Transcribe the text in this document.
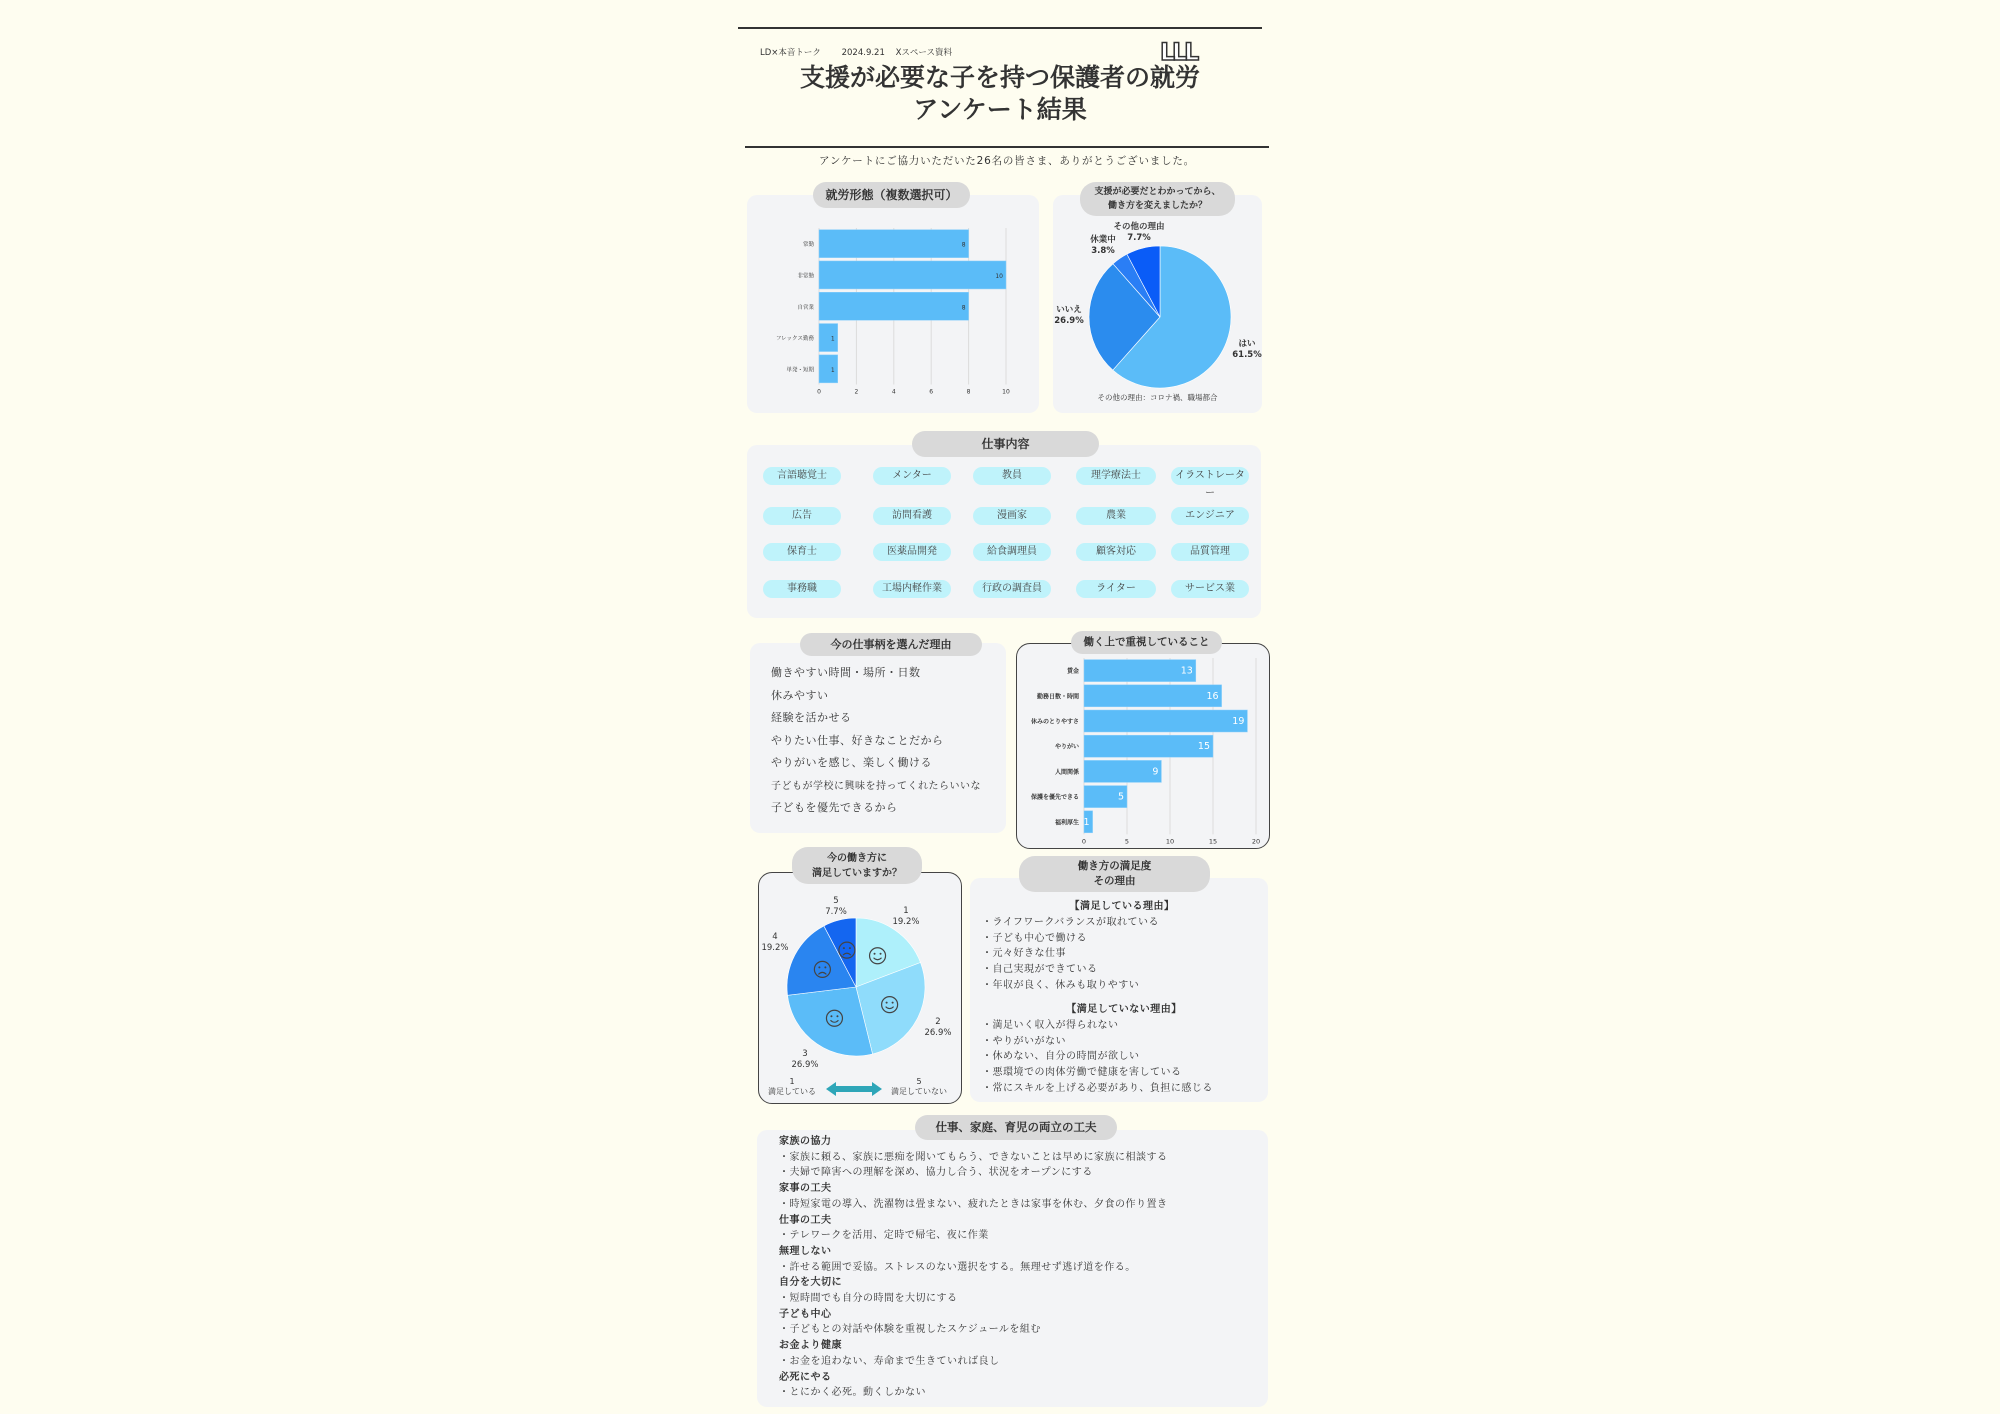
LD×本音トーク 2024.9.21 Xスペース資料	ᒪᒪᒪ
支援が必要な子を持つ保護者の就労
アンケート結果
アンケートにご協力いただいた26名の皆さま、ありがとうございました。
就労形態（複数選択可）
0	2	4	6	8	10
常勤	8
非常勤	10
自営業	8
フレックス勤務	1
単発・短期	1
支援が必要だとわかってから、
働き方を変えましたか？
はい
61.5%
いいえ
26.9%
休業中
3.8%
その他の理由
7.7%
その他の理由：コロナ禍、職場都合
仕事内容
言語聴覚士	メンター	教員	理学療法士	イラストレーター
広告	訪問看護	漫画家	農業	エンジニア
保育士	医薬品開発	給食調理員	顧客対応	品質管理
事務職	工場内軽作業	行政の調査員	ライター	サービス業
今の仕事柄を選んだ理由
働きやすい時間・場所・日数
休みやすい
経験を活かせる
やりたい仕事、好きなことだから
やりがいを感じ、楽しく働ける
子どもが学校に興味を持ってくれたらいいな
子どもを優先できるから
働く上で重視していること
0	5	10	15	20
賃金	13
勤務日数・時間	16
休みのとりやすさ	19
やりがい	15
人間関係	9
保護を優先できる	5
福利厚生 1
今の働き方に
満足していますか？
1
19.2%
2
26.9%
3
26.9%
4
19.2%
5
7.7%
1
満足している
5
満足していない
働き方の満足度
その理由
【満足している理由】
・ライフワークバランスが取れている
・子ども中心で働ける
・元々好きな仕事
・自己実現ができている
・年収が良く、休みも取りやすい
【満足していない理由】
・満足いく収入が得られない
・やりがいがない
・休めない、自分の時間が欲しい
・悪環境での肉体労働で健康を害している
・常にスキルを上げる必要があり、負担に感じる
仕事、家庭、育児の両立の工夫
家族の協力
・家族に頼る、家族に悪痴を聞いてもらう、できないことは早めに家族に相談する
・夫婦で障害への理解を深め、協力し合う、状況をオープンにする
家事の工夫
・時短家電の導入、洗濯物は畳まない、疲れたときは家事を休む、夕食の作り置き
仕事の工夫
・テレワークを活用、定時で帰宅、夜に作業
無理しない
・許せる範囲で妥協。ストレスのない選択をする。無理せず逃げ道を作る。
自分を大切に
・短時間でも自分の時間を大切にする
子ども中心
・子どもとの対話や体験を重視したスケジュールを組む
お金より健康
・お金を追わない、寿命まで生きていれば良し
必死にやる
・とにかく必死。動くしかない
